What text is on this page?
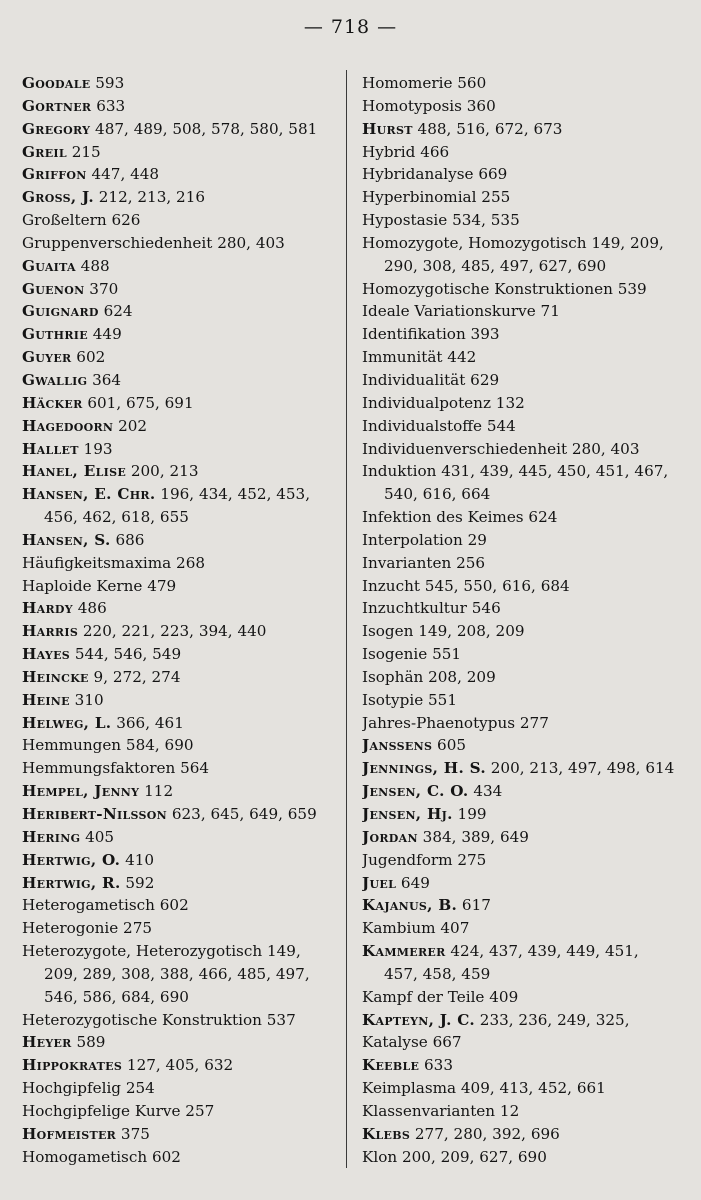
— 718 —
Goodale 593
Gortner 633
Gregory 487, 489, 508, 578, 580, 581
Greil 215
Griffon 447, 448
Gross, J. 212, 213, 216
Großeltern 626
Gruppenverschiedenheit 280, 403
Guaita 488
Guenon 370
Guignard 624
Guthrie 449
Guyer 602
Gwallig 364
Häcker 601, 675, 691
Hagedoorn 202
Hallet 193
Hanel, Elise 200, 213
Hansen, E. Chr. 196, 434, 452, 453,
456, 462, 618, 655
Hansen, S. 686
Häufigkeitsmaxima 268
Haploide Kerne 479
Hardy 486
Harris 220, 221, 223, 394, 440
Hayes 544, 546, 549
Heincke 9, 272, 274
Heine 310
Helweg, L. 366, 461
Hemmungen 584, 690
Hemmungsfaktoren 564
Hempel, Jenny 112
Heribert-Nilsson 623, 645, 649, 659
Hering 405
Hertwig, O. 410
Hertwig, R. 592
Heterogametisch 602
Heterogonie 275
Heterozygote, Heterozygotisch 149,
209, 289, 308, 388, 466, 485, 497,
546, 586, 684, 690
Heterozygotische Konstruktion 537
Heyer 589
Hippokrates 127, 405, 632
Hochgipfelig 254
Hochgipfelige Kurve 257
Hofmeister 375
Homogametisch 602
Homomerie 560
Homotyposis 360
Hurst 488, 516, 672, 673
Hybrid 466
Hybridanalyse 669
Hyperbinomial 255
Hypostasie 534, 535
Homozygote, Homozygotisch 149, 209,
290, 308, 485, 497, 627, 690
Homozygotische Konstruktionen 539
Ideale Variationskurve 71
Identifikation 393
Immunität 442
Individualität 629
Individualpotenz 132
Individualstoffe 544
Individuenverschiedenheit 280, 403
Induktion 431, 439, 445, 450, 451, 467,
540, 616, 664
Infektion des Keimes 624
Interpolation 29
Invarianten 256
Inzucht 545, 550, 616, 684
Inzuchtkultur 546
Isogen 149, 208, 209
Isogenie 551
Isophän 208, 209
Isotypie 551
Jahres-Phaenotypus 277
Janssens 605
Jennings, H. S. 200, 213, 497, 498, 614
Jensen, C. O. 434
Jensen, Hj. 199
Jordan 384, 389, 649
Jugendform 275
Juel 649
Kajanus, B. 617
Kambium 407
Kammerer 424, 437, 439, 449, 451,
457, 458, 459
Kampf der Teile 409
Kapteyn, J. C. 233, 236, 249, 325,
Katalyse 667
Keeble 633
Keimplasma 409, 413, 452, 661
Klassenvarianten 12
Klebs 277, 280, 392, 696
Klon 200, 209, 627, 690
